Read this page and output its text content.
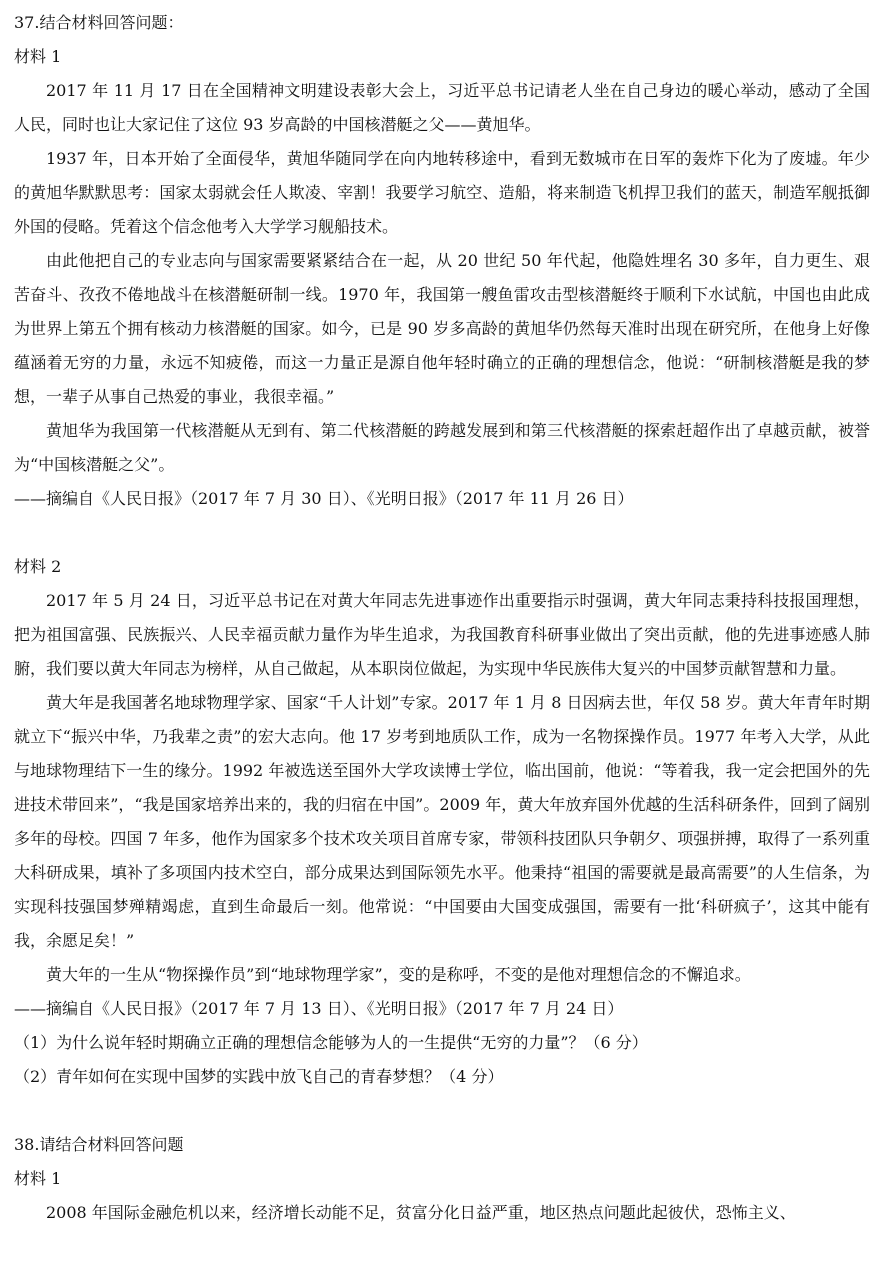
37.结合材料回答问题：

材料 1

2017 年 11 月 17 日在全国精神文明建设表彰大会上，习近平总书记请老人坐在自己身边的暖心举动，感动了全国人民，同时也让大家记住了这位 93 岁高龄的中国核潜艇之父——黄旭华。

1937 年，日本开始了全面侵华，黄旭华随同学在向内地转移途中，看到无数城市在日军的轰炸下化为了废墟。年少的黄旭华默默思考：国家太弱就会任人欺凌、宰割！我要学习航空、造船，将来制造飞机捍卫我们的蓝天，制造军舰抵御外国的侵略。凭着这个信念他考入大学学习舰船技术。

由此他把自己的专业志向与国家需要紧紧结合在一起，从 20 世纪 50 年代起，他隐姓埋名 30 多年，自力更生、艰苦奋斗、孜孜不倦地战斗在核潜艇研制一线。1970 年，我国第一艘鱼雷攻击型核潜艇终于顺利下水试航，中国也由此成为世界上第五个拥有核动力核潜艇的国家。如今，已是 90 岁多高龄的黄旭华仍然每天准时出现在研究所，在他身上好像蕴涵着无穷的力量，永远不知疲倦，而这一力量正是源自他年轻时确立的正确的理想信念，他说：“研制核潜艇是我的梦想，一辈子从事自己热爱的事业，我很幸福。”

黄旭华为我国第一代核潜艇从无到有、第二代核潜艇的跨越发展到和第三代核潜艇的探索赶超作出了卓越贡献，被誉为“中国核潜艇之父”。

——摘编自《人民日报》（2017 年 7 月 30 日）、《光明日报》（2017 年 11 月 26 日）

材料 2

2017 年 5 月 24 日，习近平总书记在对黄大年同志先进事迹作出重要指示时强调，黄大年同志秉持科技报国理想，把为祖国富强、民族振兴、人民幸福贡献力量作为毕生追求，为我国教育科研事业做出了突出贡献，他的先进事迹感人肺腑，我们要以黄大年同志为榜样，从自己做起，从本职岗位做起，为实现中华民族伟大复兴的中国梦贡献智慧和力量。

黄大年是我国著名地球物理学家、国家“千人计划”专家。2017 年 1 月 8 日因病去世，年仅 58 岁。黄大年青年时期就立下“振兴中华，乃我辈之责”的宏大志向。他 17 岁考到地质队工作，成为一名物探操作员。1977 年考入大学，从此与地球物理结下一生的缘分。1992 年被选送至国外大学攻读博士学位，临出国前，他说：“等着我，我一定会把国外的先进技术带回来”，“我是国家培养出来的，我的归宿在中国”。2009 年，黄大年放弃国外优越的生活科研条件，回到了阔别多年的母校。四国 7 年多，他作为国家多个技术攻关项目首席专家，带领科技团队只争朝夕、项强拼搏，取得了一系列重大科研成果，填补了多项国内技术空白，部分成果达到国际领先水平。他秉持“祖国的需要就是最高需要”的人生信条，为实现科技强国梦殚精竭虑，直到生命最后一刻。他常说：“中国要由大国变成强国，需要有一批‘科研疯子’，这其中能有我，余愿足矣！”

黄大年的一生从“物探操作员”到“地球物理学家”，变的是称呼，不变的是他对理想信念的不懈追求。

——摘编自《人民日报》（2017 年 7 月 13 日）、《光明日报》（2017 年 7 月 24 日）

（1）为什么说年轻时期确立正确的理想信念能够为人的一生提供“无穷的力量”？（6 分）

（2）青年如何在实现中国梦的实践中放飞自己的青春梦想？（4 分）

38.请结合材料回答问题

材料 1

2008 年国际金融危机以来，经济增长动能不足，贫富分化日益严重，地区热点问题此起彼伏，恐怖主义、
